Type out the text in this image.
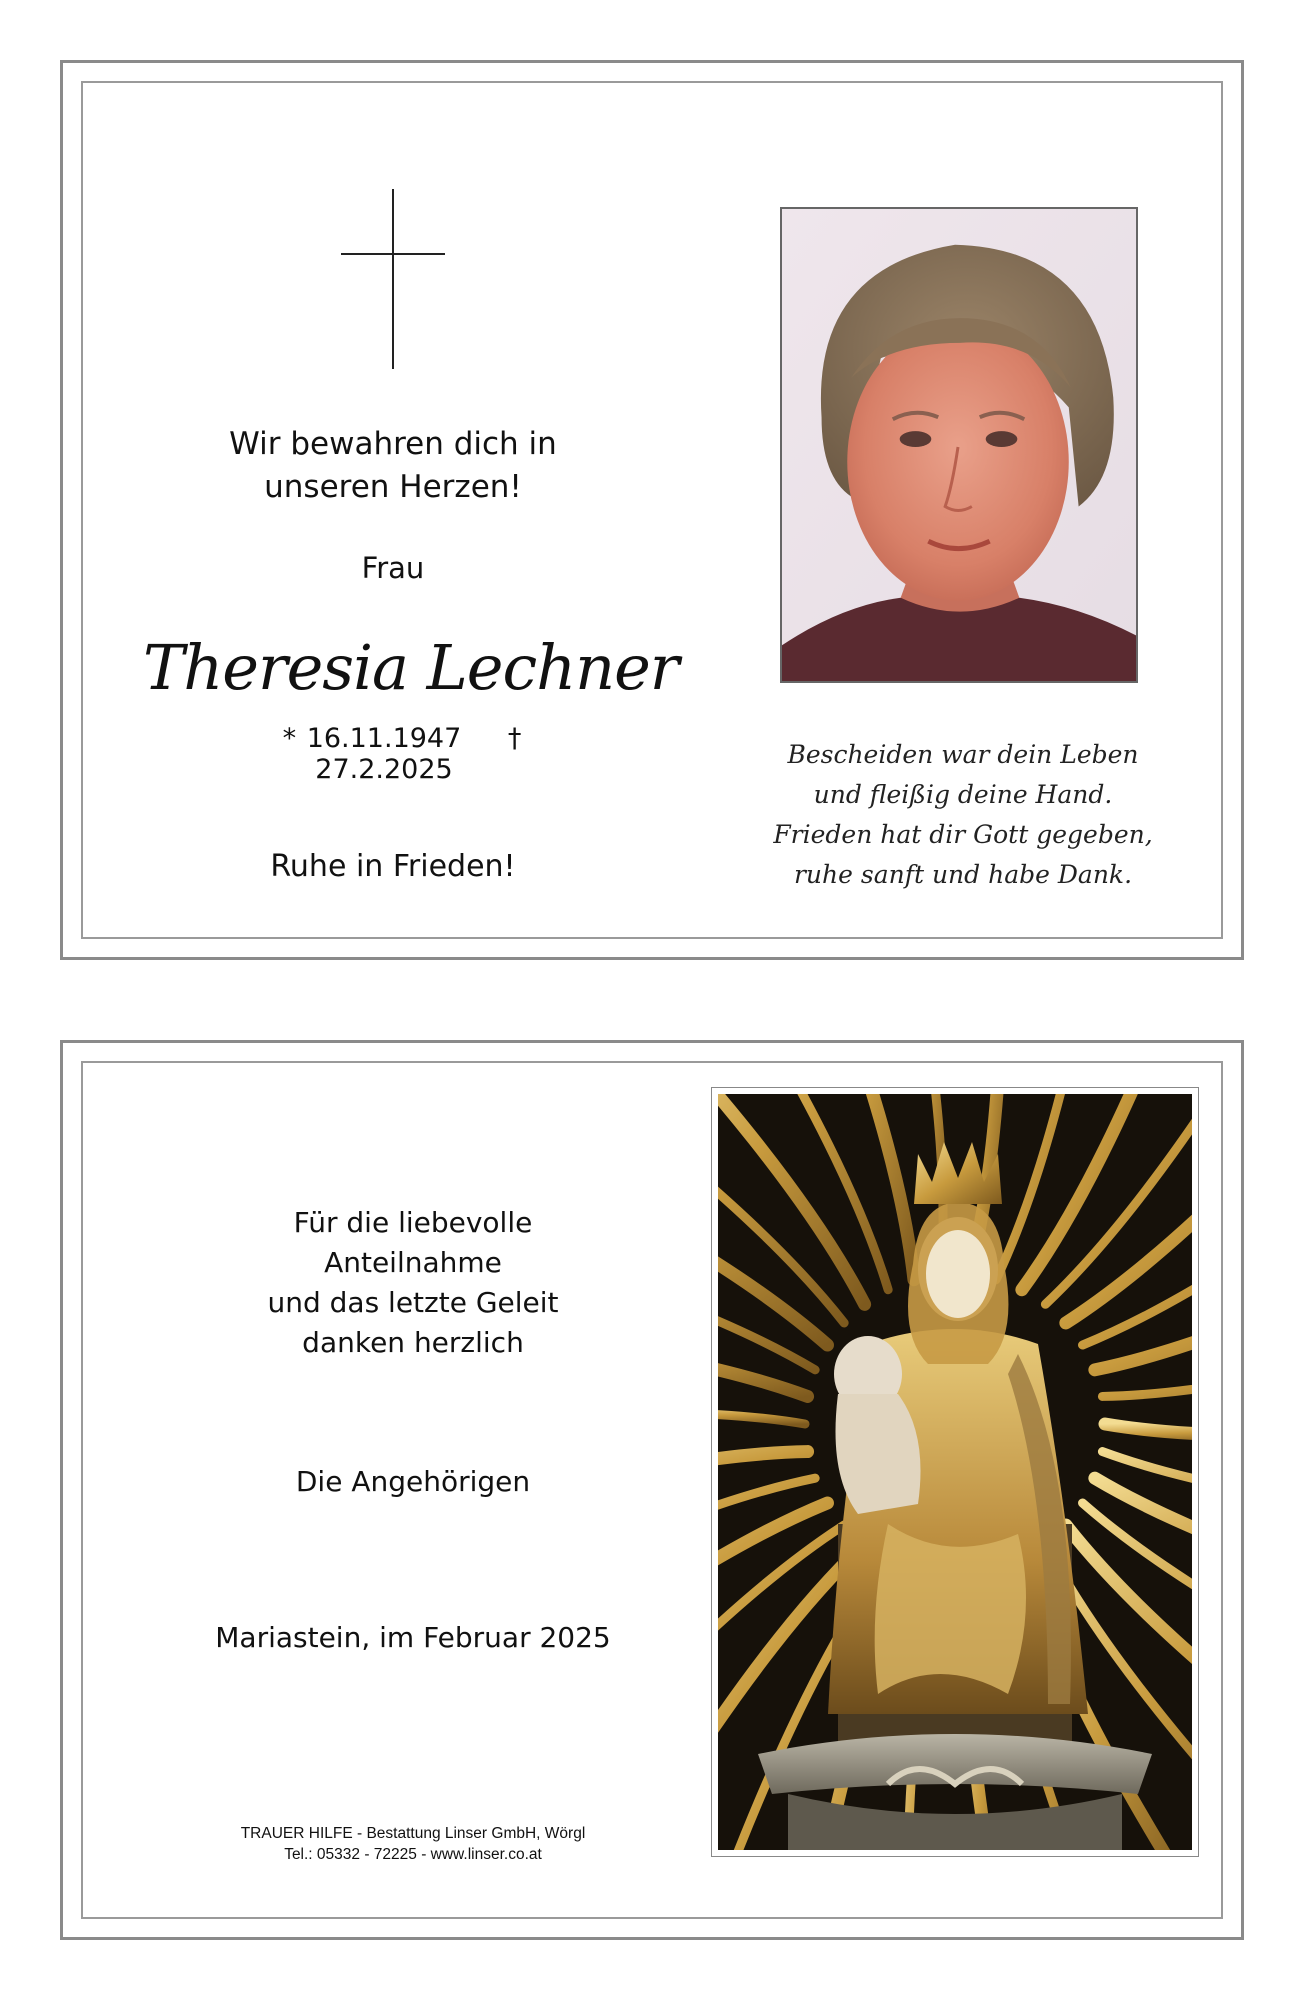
Wir bewahren dich in
unseren Herzen!
Frau
Theresia Lechner
* 16.11.1947 † 27.2.2025
Ruhe in Frieden!
Bescheiden war dein Leben
und fleißig deine Hand.
Frieden hat dir Gott gegeben,
ruhe sanft und habe Dank.
Für die liebevolle
Anteilnahme
und das letzte Geleit
danken herzlich
Die Angehörigen
Mariastein, im Februar 2025
TRAUER HILFE - Bestattung Linser GmbH, Wörgl
Tel.: 05332 - 72225 - www.linser.co.at
